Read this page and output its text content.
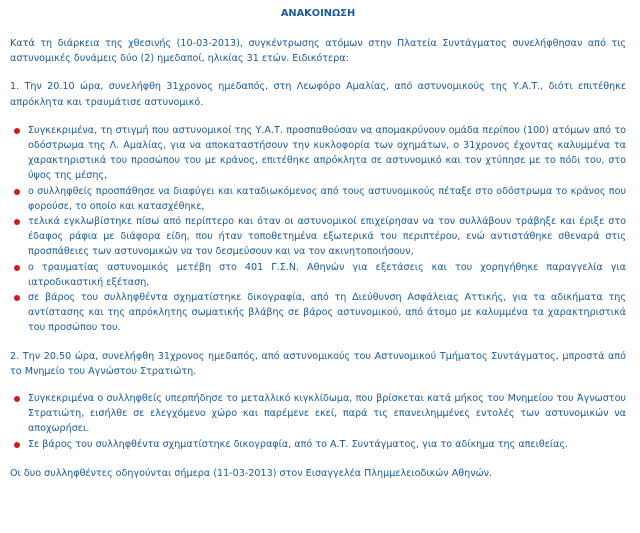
ΑΝΑΚΟΙΝΩΣΗ

Κατά τη διάρκεια της χθεσινής (10-03-2013), συγκέντρωσης ατόμων στην Πλατεία Συντάγματος συνελήφθησαν από τις αστυνομικές δυνάμεις δύο (2) ημεδαποί, ηλικίας 31 ετών. Ειδικότερα:

1. Την 20.10 ώρα, συνελήφθη 31χρονος ημεδαπός, στη Λεωφόρο Αμαλίας, από αστυνομικούς της Υ.Α.Τ., διότι επιτέθηκε απρόκλητα και τραυμάτισε αστυνομικό.

Συγκεκριμένα, τη στιγμή που αστυνομικοί της Υ.Α.Τ. προσπαθούσαν να απομακρύνουν ομάδα περίπου (100) ατόμων από το οδόστρωμα της Λ. Αμαλίας, για να αποκαταστήσουν την κυκλοφορία των οχημάτων, ο 31χρονος έχοντας καλυμμένα τα χαρακτηριστικά του προσώπου του με κράνος, επιτέθηκε απρόκλητα σε αστυνομικό και τον χτύπησε με το πόδι του, στο ύψος της μέσης,
ο συλληφθείς προσπάθησε να διαφύγει και καταδιωκόμενος από τους αστυνομικούς πέταξε στο οδόστρωμα το κράνος που φορούσε, το οποίο και κατασχέθηκε,
τελικά εγκλωβίστηκε πίσω από περίπτερο και όταν οι αστυνομικοί επιχείρησαν να τον συλλάβουν τράβηξε και έριξε στο έδαφος ράφια με διάφορα είδη, που ήταν τοποθετημένα εξωτερικά του περιπτέρου, ενώ αντιστάθηκε σθεναρά στις προσπάθειες των αστυνομικών να τον δεσμεύσουν και να τον ακινητοποιήσουν,
ο τραυματίας αστυνομικός μετέβη στο 401 Γ.Σ.Ν. Αθηνών για εξετάσεις και του χορηγήθηκε παραγγελία για ιατροδικαστική εξέταση,
σε βάρος του συλληφθέντα σχηματίστηκε δικογραφία, από τη Διεύθυνση Ασφάλειας Αττικής, για τα αδικήματα της αντίστασης και της απρόκλητης σωματικής βλάβης σε βάρος αστυνομικού, από άτομο με καλυμμένα τα χαρακτηριστικά του προσώπου του.

2. Την 20.50 ώρα, συνελήφθη 31χρονος ημεδαπός, από αστυνομικούς του Αστυνομικού Τμήματος Συντάγματος, μπροστά από το Μνημείο του Αγνώστου Στρατιώτη.

Συγκεκριμένα ο συλληφθείς υπερπήδησε το μεταλλικό κιγκλίδωμα, που βρίσκεται κατά μήκος του Μνημείου του Άγνωστου Στρατιώτη, εισήλθε σε ελεγχόμενο χώρο και παρέμενε εκεί, παρά τις επανειλημμένες εντολές των αστυνομικών να αποχωρήσει.
Σε βάρος του συλληφθέντα σχηματίστηκε δικογραφία, από το Α.Τ. Συντάγματος, για το αδίκημα της απειθείας.

Οι δυο συλληφθέντες οδηγούνται σήμερα (11-03-2013) στον Εισαγγελέα Πλημμελειοδικών Αθηνών.
